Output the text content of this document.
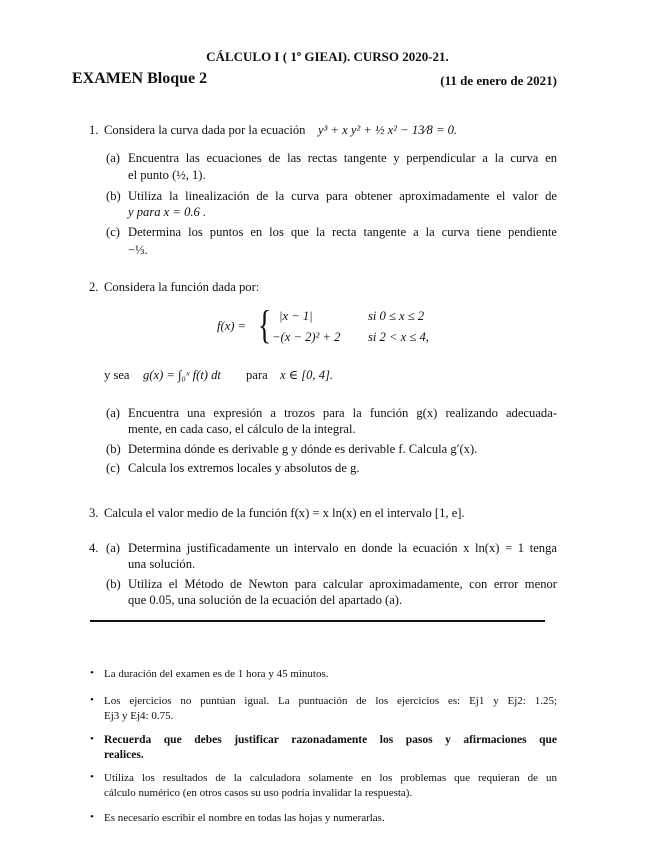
CÁLCULO I ( 1º GIEAI). CURSO 2020-21.
EXAMEN Bloque 2	(11 de enero de 2021)
1. Considera la curva dada por la ecuación y³ + x y² + ½ x² − 13⁄8 = 0.
(a) Encuentra las ecuaciones de las rectas tangente y perpendicular a la curva en
el punto (½, 1).
(b) Utiliza la linealización de la curva para obtener aproximadamente el valor de
y para x = 0.6 .
(c) Determina los puntos en los que la recta tangente a la curva tiene pendiente
−⅓.
2. Considera la función dada por:
f(x) = { |x − 1|	si 0 ≤ x ≤ 2
−(x − 2)² + 2 si 2 < x ≤ 4,
y sea g(x) = ∫₀ˣ f(t) dt para x ∈ [0, 4].
(a) Encuentra una expresión a trozos para la función g(x) realizando adecuada-
mente, en cada caso, el cálculo de la integral.
(b) Determina dónde es derivable g y dónde es derivable f. Calcula g′(x).
(c) Calcula los extremos locales y absolutos de g.
3. Calcula el valor medio de la función f(x) = x ln(x) en el intervalo [1, e].
4. (a) Determina justificadamente un intervalo en donde la ecuación x ln(x) = 1 tenga
una solución.
(b) Utiliza el Método de Newton para calcular aproximadamente, con error menor
que 0.05, una solución de la ecuación del apartado (a).
• La duración del examen es de 1 hora y 45 minutos.
• Los ejercicios no puntúan igual. La puntuación de los ejercicios es: Ej1 y Ej2: 1.25;
Ej3 y Ej4: 0.75.
• Recuerda que debes justificar razonadamente los pasos y afirmaciones que
realices.
• Utiliza los resultados de la calculadora solamente en los problemas que requieran de un
cálculo numérico (en otros casos su uso podría invalidar la respuesta).
• Es necesario escribir el nombre en todas las hojas y numerarlas.
